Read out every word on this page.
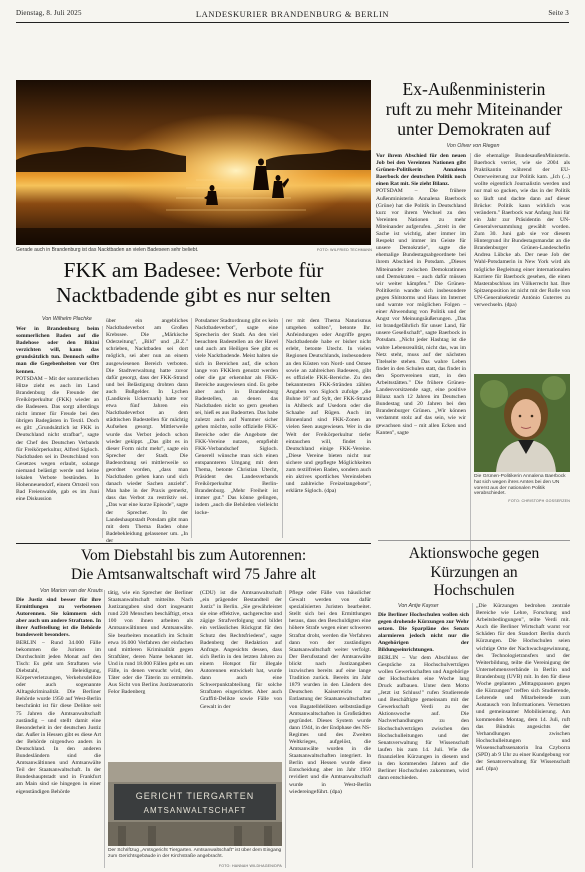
LANDESKURIER BRANDENBURG & BERLIN
Dienstag, 8. Juli 2025	Seite 3
Gerade auch in Brandenburg ist das Nacktbaden an vielen Badeseen sehr beliebt.	FOTO: WILFRIED TECHMANN
Ex-Außenministerin
ruft zu mehr Miteinander
unter Demokraten auf
Von Oliver von Riegen

Vor ihrem Abschied für den neuen Job bei den Vereinten Nationen gibt Grünen-Politikerin Annalena Baerbock der deutschen Politik noch einen Rat mit. Sie zieht Bilanz.

POTSDAM – Die frühere Außenministerin Annalena Baerbock (Grüne) hat die Politik in Deutschland kurz vor ihrem Wechsel zu den Vereinten Nationen zu mehr Miteinander aufgerufen. „Streit in der Sache ist wichtig, aber immer im Respekt und immer im Geiste für unsere Demokratie", sagte die ehemalige Bundestagsabgeordnete bei ihrem Abschied in Potsdam. „Dieses Miteinander zwischen Demokratinnen und Demokraten – auch dafür müssen wir weiter kämpfen." Die Grünen-Politikerin wandte sich insbesondere gegen Shitstorms und Hass im Internet und warnte vor möglichen Folgen – einer Abwendung von Politik und der Angst vor Meinungsäußerungen. „Das ist brandgefährlich für unser Land, für unsere Gesellschaft", sagte Baerbock in Potsdam. „Nicht jeder Hashtag ist die wahre Lebensrealität, nicht das, was im Netz steht, muss auf der nächsten Titelseite stehen. Das wahre Leben findet in den Schulen statt, das findet in den Sportvereinen statt, in den Arbeitsstätten." Die frühere Grünen-Landesvorsitzende sagt, eine positive Bilanz nach 12 Jahren im Deutschen Bundestag und 20 Jahren bei den Brandenburger Grünen. „Wir können verdammt stolz auf das sein, wie wir gewachsen sind – mit allen Ecken und Kanten", sagte

die ehemalige BundesaußenMinisterin. Baerbock verriet, wie sie 2004 als Praktikantin während der EU-Osterweiterung zur Politik kam. „Ich (...) wollte eigentlich Journalistin werden und nur mal so gucken, wie das in der Politik so läuft und dachte dann auf dieser Brücke: Politik kann wirklich was verändern." Baerbock war Anfang Juni für ein Jahr zur Präsidentin der UN-Generalversammlung gewählt worden. Zum 30. Juni gab sie vor diesem Hintergrund ihr Bundestagsmandat an die Brandenburger Grünen-Landeschefin Andrea Lübcke ab. Der neue Job der Wahl-Potsdamerin in New York wird als mögliche Begleitung einer internationalen Karriere für Baerbock gesehen, die einen Masterabschluss im Völkerrecht hat. Ihre Spitzenposition ist nicht mit der Rolle von UN-Generalsekretär António Guterres zu verwechseln. (dpa)

Die Grünen-Politikerin Annalena Baerbock hat sich wegen ihres Amtes bei den UN vorerst aus der nationalen Politik verabschiedet.
FOTO: CHRISTOPH GOSSERZEN
FKK am Badesee: Verbote für
Nacktbadende gibt es nur selten
Von Wilhelm Plachke

Wer in Brandenburg beim sommerlichen Baden auf die Badehose oder den Bikini verzichten will, kann das grundsätzlich tun. Dennoch sollte man die Gegebenheiten vor Ort kennen.

POTSDAM – Mit der sommerlichen Hitze zieht es auch im Land Brandenburg die Freunde der Freikörperkultur (FKK) wieder an die Badeseen. Das sorgt allerdings nicht immer für Freude bei den übrigen Badegästen in Textil. Doch es gilt: „Grundsätzlich ist FKK in Deutschland nicht strafbar", sagte der Chef des Deutschen Verbands für Freikörperkultur, Alfred Sigloch. Nacktbaden sei in Deutschland von Gesetzes wegen erlaubt, solange niemand belästigt werde und keine lokalen Verbote bestünden. In Hohenneuendorf, einem Ortsteil von Bad Freienwalde, gab es im Juni eine Diskussion

über ein angebliches Nacktbadeverbot am Großen Krebssee. Die „Märkische Oderzeitung", „Bild" und „B.Z." schrieben, Nacktbaden sei dort möglich, sei aber nun an einem ausgewiesenen Bereich verboten. Die Stadtverwaltung hatte zuvor dafür gesorgt, dass der FKK-Strand und bei Belästigung drohten dann auch Bußgelder. In Lychen (Landkreis Uckermark) hatte vor etwa fünf Jahren ein Nacktbadeverbot an dem städtischen Badestellen für mächtig Aufsehen gesorgt. Mittlerweile wurde das Verbot jedoch schon wieder gekippt. „Das gibt es in dieser Form nicht mehr", sagte ein Sprecher der Stadt. Die Badeordnung sei mittlerweile so geordnet worden, „dass man Nacktbaden gehen kann und sich danach wieder Sachen anzieht". Man habe in der Praxis gemerkt, dass das Verbot zu restriktiv sei. „Das war eine kurze Episode", sagte der Sprecher. In der Landeshauptstadt Potsdam gibt man mit dem Thema Baden ohne Badebekleidung gelassener um. „In der

Potsdamer Stadtordnung gibt es kein Nacktbadeverbot", sagte eine Sprecherin der Stadt. An den viel besuchten Badestellen an der Havel und auch am Heiligen See gibt es viele Nacktbadende. Meist halten sie sich in Bereichen auf, die schon lange von FKKlern genutzt werden oder die gar erkennbar als FKK-Bereiche ausgewiesen sind. Es gebe aber auch in Brandenburg Badestellen, an denen das Nacktbaden nicht so gern gesehen sei, hieß es aus Badeorten. Das habe zuletzt auch auf Nummer sicher gehen möchte, solle offizielle FKK-Bereiche oder die Angebote der FKK-Vereine nutzen, empfiehlt FKK-Verbandschef Sigloch. Generell wünsche man sich einen entspannteren Umgang mit dem Thema, betonte Christian Utecht, Präsident des Landesverbands Freikörperkultur Berlin-Brandenburg. „Mehr Freiheit ist immer gut." Das könne gelingen, indem „auch die Behörden vielleicht locke-

rer mit dem Thema Naturismus umgehen sollten", betonte Ihr. Anfeindungen oder Angriffe gegen Nacktbadende habe er bisher nicht erlebt, betonte Utecht. In vielen Regionen Deutschlands, insbesondere an den Küsten von Nord- und Ostsee sowie an zahlreichen Badeseen, gibt es offizielle FKK-Bereiche. Zu den bekanntesten FKK-Stränden zählen Angaben von Sigloch zufolge „die Buhne 16" auf Sylt, der FKK-Strand in Ahlbeck auf Usedom oder die Schaabe auf Rügen. Auch im Binnenland sind FKK-Zonen an vielen Seen ausgewiesen. Wer in die Welt der Freikörperkultur tiefer eintauchen will, findet in Deutschland einige FKK-Vereine. „Diese Vereine bieten nicht nur sichere und gepflegte Möglichkeiten zum textilfreien Baden, sondern auch ein aktives sportliches Vereinsleben und zahlreiche Freizeitangebote", erklärte Sigloch. (dpa)

Vom Diebstahl bis zum Autorennen:
Die Amtsanwaltschaft wird 75 Jahre alt
Von Marion van der Krauts

Die Justiz sind besser für ihre Ermittlungen zu verbotenen Autorennen. Sie kümmern sich aber auch um andere Straftaten. In ihrer Auffstellung ist die Behörde bundesweit besonders.

BERLIN – Rund 34.000 Fälle bekommen die Juristen im Durchschnitt jeden Monat auf den Tisch: Es geht um Straftaten wie Diebstahl, Beleidigung, Körperverletzungen, Verkehrsdelikte oder auch sogenannte Alltagskriminalität. Die Berliner Behörde wurde 1950 auf West-Berlin beschränkt ist für diese Delikte seit 75 Jahren die Amtsanwaltschaft zuständig – und stellt damit eine Besonderheit in der deutschen Justiz dar. Außer in Hessen gibt es diese Art der Behörde nirgendwo anders in Deutschland. In den anderen Bundesländern sind die Amtsanwältinnen und Amtsanwälte Teil der Staatsanwaltschaft. In der Bundeshauptstadt und in Frankfurt am Main sind sie hingegen in einer eigenständigen Behörde

tätig, wie ein Sprecher der Berliner Staatsanwaltschaft mitteilte. Nach Justizangaben sind dort insgesamt rund 220 Menschen beschäftigt, etwa 100 von ihnen arbeiten als Amtsanwältinnen und Amtsanwälte. Sie bearbeiten monatlich im Schnitt etwa 16.000 Verfahren der einfachen und mittleren Kriminalität gegen Straftäter, deren Name bekannt ist. Und in rund 18.000 Fällen geht es um Fälle, in denen versucht wird, den Täter oder die Täterin zu ermitteln. Aus Sicht von Berlins Justizsenatorin Felor Badenberg

(CDU) ist die Amtsanwaltschaft „ein prägender Bestandteil der Justiz" in Berlin. „Sie gewährleistet sie eine effektive, sachgerechte und zügige Strafverfolgung und bildet ein verlässliches Rückgrat für den Schutz des Rechtsfriedens", sagte Badenberg der Redaktion auf Anfrage. Angesichts dessen, dass sich Berlin in den letzten Jahren zu einem Hotspot für illegale Autorennen entwickelt hat, wurde dann auch eine Schwerpunktabteilung für solche Straftaten eingerichtet. Aber auch Graffiti-Delikte sowie Fälle von Gewalt in der

Pflege oder Fälle von häuslicher Gewalt werden von dafür spezialisierten Juristen bearbeitet. Stellt sich bei den Ermittlungen heraus, dass den Beschuldigten eine höhere Strafe wegen einer schweren Straftat droht, werden die Verfahren dann von der zuständigen Staatsanwaltschaft weiter verfolgt. Der Berufsstand der Amtsanwälte blickt nach Justizangaben inzwischen bereits auf eine lange Tradition zurück. Bereits im Jahr 1879 wurden in den Ländern des Deutschen Kaiserreichs zur Entlastung der Staatsanwaltschaften von Bagatelldelikten selbstständige Amtsanwaltschaften in Großstädten gegründet. Dieses System wurde dann 1944, in der Endphase des NS-Regimes und des Zweiten Weltkrieges, aufgelöst, die Amtsanwälte wurden in die Staatsanwaltschaften integriert. In Berlin und Hessen wurde diese Entscheidung aber im Jahr 1950 revidiert und die Amtsanwaltschaft wurde in West-Berlin wiedereingeführt. (dpa)

GERICHT TIERGARTEN
AMTSANWALTSCHAFT
Der Schriftzug „Amtsgericht Tiergarten. Amtsanwaltschaft" ist über dem Eingang zum Gerichtsgebäude in der Kirchstraße angebracht.
FOTO: HANNAH WILDHAGEN/DPA
Aktionswoche gegen
Kürzungen an
Hochschulen
Von Antje Kayser

Die Berliner Hochschulen wollen sich gegen drohende Kürzungen zur Wehr setzen. Die Sparpläne des Senats alarmieren jedoch nicht nur die Angehörigen der Bildungseinrichtungen.

BERLIN – Vor dem Abschluss der Gespräche zu Hochschulverträgen wollen Gewerkschaften und Angehörige der Hochschulen eine Woche lang Druck aufbauen. Unter dem Motto „Jetzt ist Schluss!" rufen Studierende und Beschäftigte gemeinsam mit der Gewerkschaft Verdi zu der Aktionswoche auf. Die Nachverhandlungen zu den Hochschulverträgen zwischen den Hochschulleitungen und der Senatsverwaltung für Wissenschaft laufen bis zum 14. Juli. Wie die finanziellen Kürzungen in diesem und in den kommenden Jahren auf die Berliner Hochschulen zukommen, wird dann entschieden.

„Die Kürzungen bedrohen zentrale Bereiche wie Lehre, Forschung und Arbeitsbedingungen", teilte Verdi mit. Auch die Berliner Wirtschaft warnt vor Schäden für den Standort Berlin durch Kürzungen. Die Hochschulen seien wichtige Orte der Nachwuchsgewinnung, des Technologietransfers und der Weiterbildung, teilte die Vereinigung der Unternehmensverbände in Berlin und Brandenburg (UVB) mit. In den für diese Woche geplanten „Mittagspausen gegen die Kürzungen" treffen sich Studierende, Lehrende und Mitarbeitende zum Austausch von Informationen. Vernetzen und gemeinsamer Mobilisierung. Am kommenden Montag, dem 14. Juli, ruft das Bündnis angesichts der Verhandlungen zwischen Hochschulleitungen und Wissenschaftssenatorin Ina Czyborra (SPD) ab 9 Uhr zu einer Kundgebung vor der Senatsverwaltung für Wissenschaft auf. (dpa)
